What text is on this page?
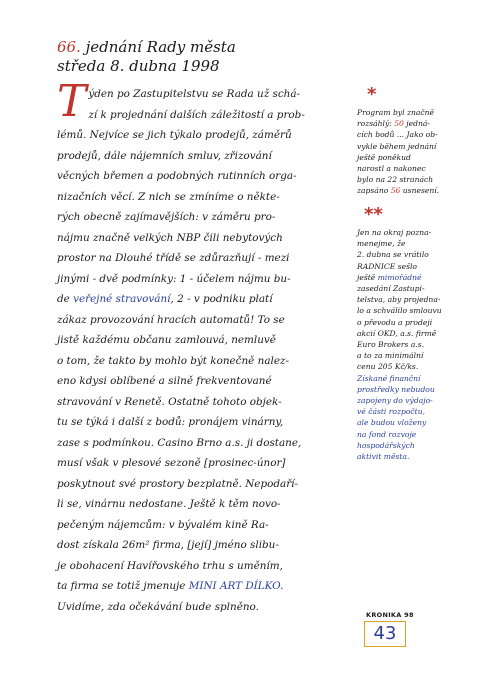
66. jednání Rady města
středa 8. dubna 1998
T ýden po Zastupitelstvu se Rada už schá-
zí k projednání dalších záležitostí a prob-
lémů. Nejvíce se jich týkalo prodejů, záměrů
prodejů, dále nájemních smluv, zřizování
věcných břemen a podobných rutinních orga-
nizačních věcí. Z nich se zmíníme o někte-
rých obecně zajímavějších: v záměru pro-
nájmu značně velkých NBP čili nebytových
prostor na Dlouhé třídě se zdůrazňují - mezi
jinými - dvě podmínky: 1 - účelem nájmu bu-
de veřejné stravování, 2 - v podniku platí
zákaz provozování hracích automatů! To se
jistě každému občanu zamlouvá, nemluvě
o tom, že takto by mohlo být konečně nalez-
eno kdysi oblíbené a silně frekventované
stravování v Renetě. Ostatně tohoto objek-
tu se týká i další z bodů: pronájem vinárny,
zase s podmínkou. Casino Brno a.s. ji dostane,
musí však v plesové sezoně [prosinec-únor]
poskytnout své prostory bezplatně. Nepodaří-
li se, vinárnu nedostane. Ještě k těm novo-
pečeným nájemcům: v bývalém kině Ra-
dost získala 26m² firma, [její] jméno slibu-
je obohacení Havířovského trhu s uměním,
ta firma se totiž jmenuje MINI ART DÍLKO.
Uvidíme, zda očekávání bude splněno.
*
Program byl značně
rozsáhlý: 50 jedná-
cích bodů ... Jako ob-
vykle během jednání
ještě poněkud
narostl a nakonec
bylo na 22 stranách
zapsáno 56 usnesení.
**
Jen na okraj pozna-
menejme, že
2. dubna se vrátilo
RADNICE sešlo
ještě mimořádné
zasedání Zastupi-
telstva, aby projedna-
lo a schválilo smlouvu
o převodu a prodeji
akcií OKD, a.s. firmě
Euro Brokers a.s.
a to za minimální
cenu 205 Kč/ks.
Získané finanční
prostředky nebudou
zapojeny do výdajo-
vé části rozpočtu,
ale budou vloženy
na fond rozvoje
hospodářských
aktivit města.
KRONIKA 98
43
